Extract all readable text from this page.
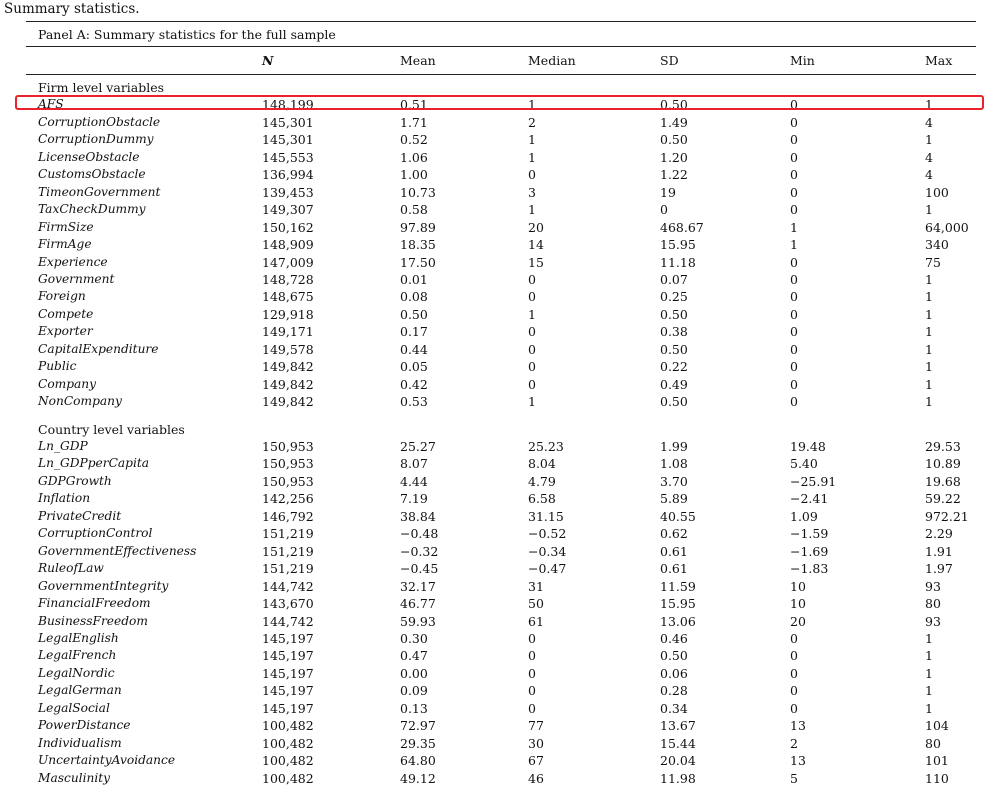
Summary statistics.
Panel A: Summary statistics for the full sample
N	Mean	Median	SD	Min	Max
Firm level variables
AFS	148,199	0.51	1	0.50	0	1
CorruptionObstacle	145,301	1.71	2	1.49	0	4
CorruptionDummy	145,301	0.52	1	0.50	0	1
LicenseObstacle	145,553	1.06	1	1.20	0	4
CustomsObstacle	136,994	1.00	0	1.22	0	4
TimeonGovernment	139,453	10.73	3	19	0	100
TaxCheckDummy	149,307	0.58	1	0	0	1
FirmSize	150,162	97.89	20	468.67	1	64,000
FirmAge	148,909	18.35	14	15.95	1	340
Experience	147,009	17.50	15	11.18	0	75
Government	148,728	0.01	0	0.07	0	1
Foreign	148,675	0.08	0	0.25	0	1
Compete	129,918	0.50	1	0.50	0	1
Exporter	149,171	0.17	0	0.38	0	1
CapitalExpenditure	149,578	0.44	0	0.50	0	1
Public	149,842	0.05	0	0.22	0	1
Company	149,842	0.42	0	0.49	0	1
NonCompany	149,842	0.53	1	0.50	0	1
Country level variables
Ln_GDP	150,953	25.27	25.23	1.99	19.48	29.53
Ln_GDPperCapita	150,953	8.07	8.04	1.08	5.40	10.89
GDPGrowth	150,953	4.44	4.79	3.70	−25.91	19.68
Inflation	142,256	7.19	6.58	5.89	−2.41	59.22
PrivateCredit	146,792	38.84	31.15	40.55	1.09	972.21
CorruptionControl	151,219	−0.48	−0.52	0.62	−1.59	2.29
GovernmentEffectiveness	151,219	−0.32	−0.34	0.61	−1.69	1.91
RuleofLaw	151,219	−0.45	−0.47	0.61	−1.83	1.97
GovernmentIntegrity	144,742	32.17	31	11.59	10	93
FinancialFreedom	143,670	46.77	50	15.95	10	80
BusinessFreedom	144,742	59.93	61	13.06	20	93
LegalEnglish	145,197	0.30	0	0.46	0	1
LegalFrench	145,197	0.47	0	0.50	0	1
LegalNordic	145,197	0.00	0	0.06	0	1
LegalGerman	145,197	0.09	0	0.28	0	1
LegalSocial	145,197	0.13	0	0.34	0	1
PowerDistance	100,482	72.97	77	13.67	13	104
Individualism	100,482	29.35	30	15.44	2	80
UncertaintyAvoidance	100,482	64.80	67	20.04	13	101
Masculinity	100,482	49.12	46	11.98	5	110
